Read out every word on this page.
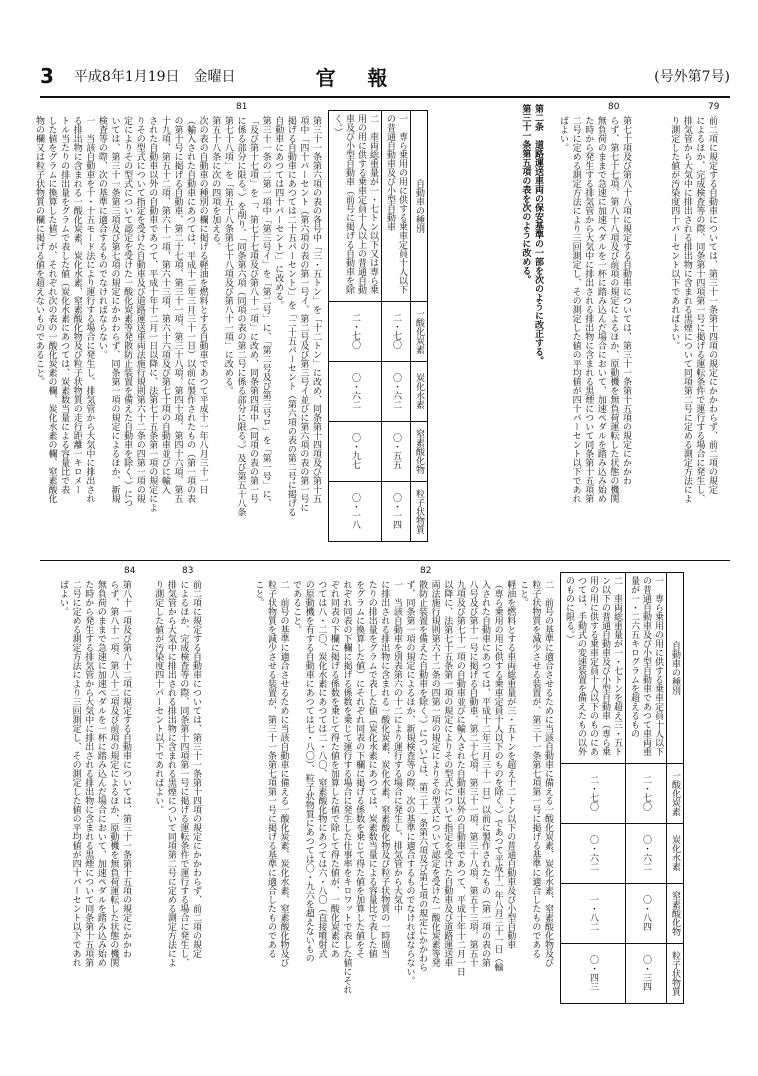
3 平成8年1月19日　金曜日	官報	(号外第7号)
79
80
81

前二項に規定する自動車については、第三十一条第十四項の規定にかかわらず、前二項の規定

によるほか、完成検査等の際、同条第十四項第一号に掲げる運転条件で運行する場合に発生し、

排気管から大気中に排出される排出物に含まれる黒煙について同項第二号に定める測定方法によ

り測定した値が汚染度四十パーセント以下であればよい。

第七十項及び第八十八項に規定する自動車については、第三十一条第十五項の規定にかかわ

らず、第七十七項、第八十八項及び前項の規定によるほか、原動機を無負荷運転した状態の機関

無負荷のままで急速に加速ペダルを一杯に踏み込んだ場合において、加速ペダルを踏み込み始め

た時から発生する排気管から大気中に排出される排出物に含まれる黒煙について同条第十五項第

二号に定める測定方法により三回測定し、その測定した値の平均値が四十パーセント以下であれ

ばよい。

第二条　道路運送車両の保安基準の一部を次のように改正する。

第三十一条第五項の表を次のように改める。

自動車の種別
一酸化炭素
炭化水素
窒素酸化物
粒子状物質
一　専ら乗用の用に供する乗車定員十人以下の普通自動車及び小型自動車
二・七〇
〇・六二
〇・五五
〇・一四
二　車両総重量が一・七トン以下又は専ら乗用の用に供する乗車定員十人以上の普通自動車及び小型自動車（前号に掲げる自動車を除く。）
二・七〇
〇・六二
〇・九七
〇・一八

第三十一条第六項の表の各号中「三・五トン」を「十二トン」に改め、同条第十四項及び第十五

項中「四十パーセント（第六項の表の第一号イ、第二号及び第三号イ並びに第六項の表の第一号に

掲げる自動車にあつては二十五パーセント）」を「二十五パーセント（第六項の表の第二号に掲げる

自動車にあつては四十パーセント）」に改める。

第三十一条の二第一項中「第三号イ」を「第二号」に、「第二号及び第三号ロ」を「第一号」に、

「及び第十七項」を「、第七十七項及び第八十一項」に改め、同条第四項中（同項の表の第一号

に係る部分に限る。）を削り、「同条第六項（同項の表の第二号に係る部分に限る。）及び第五十八条

第七十八項」を「第五十八条第七十八項及び第八十一項」に改める。

第五十八条に次の四項を加える。

次の表の自動車の種別の欄に掲げる軽油を燃料とする自動車であつて平成十一年八月三十一日

（輸入された自動車にあつては、平成十二年三月三十一日）以前に製作されたもの（第一項の表

の第十号に掲げる自動車、第二十七項、第三十一項、第三十八項、第四十項、第四十六項、第五

十九項、第五十二項、第六十一項、第六十三項、第六十六項及び第七十項の自動車並びに輸入

された自動車以外の自動車であつて、平成十年十二月一日以降に、法第七十五条第一項の規定によ

りその型式について指定を受けた自動車及び道路運送車両法施行規則第六十二条の四第一項の規

定によりその型式について認定を受けた一酸化炭素等発散防止装置を備えた自動車を除く。）につ

いては、第三十一条第三項及び第七項の規定にかかわらず、同条第一項の規定によるほか、新規

検査等の際、次の基準に適合するものでなければならない。

一　当該自動車を十・十五モード法により運行する場合に発生し、排気管から大気中に排出され

る排出物に含まれる一酸化炭素、炭化水素、窒素酸化物及び粒子状物質の走行距離一キロメー

トル当たりの排出量をグラムで表した値（炭化水素にあつては、炭素数当量による容量比で表

した値をグラムに換算した値）が、それぞれ次の表の一酸化炭素の欄、炭化水素の欄、窒素酸化

物の欄又は粒子状物質の欄に掲げる値を超えないものであること。

82
83
84
自動車の種別
一酸化炭素
炭化水素
窒素酸化物
粒子状物質
一　専ら乗用の用に供する乗車定員十人以下の普通自動車及び小型自動車であつて車両重量が一・二六五キログラムを超えるもの
二・七〇
〇・六二
〇・八四
〇・三四
二　車両総重量が一・七トンを超え三・五トン以下の普通自動車及び小型自動車（専ら乗用の用に供する乗車定員十人以下のものにあつては、手動式の変速装置を備えたもの以外のものに限る。）
二・七〇
〇・六二
一・八二
〇・四三

二　前号の基準に適合させるために当該自動車に備える一酸化炭素、炭化水素、窒素酸化物及び

粒子状物質を減少させる装置が、第三十一条第七項第一号に掲げる基準に適合したものである

こと。

軽油を燃料とする車両総重量が三・五トンを超え十二トン以下の普通自動車及び小型自動車

（専ら乗用の用に供する乗車定員十人以下のものを除く。）であつて平成十一年八月三十一日（輸

入された自動車にあつては、平成十二年三月三十一日）以前に製作されたもの（第一項の表の第

八号及び第十一号に掲げる自動車、第二十七項、第三十一項、第三十八項、第五十三項、第五十

九項及び第七十一項の自動車並びに輸入された自動車以外の自動車であつて、平成十年十二月一日

以降に、法第七十五条第一項の規定によりその型式について指定を受けた自動車及び道路運送車

両法施行規則第六十二条の四第一項の規定によりその型式について認定を受けた一酸化炭素等発

散防止装置を備えた自動車を除く。）については、第三十一条第六項及び第七項の規定にかかわら

ず、同条第一項の規定によるほか、新規検査等の際、次の基準に適合するものでなければならない。

一　当該自動車を別表第六の十二により運行する場合に発生し、排気管から大気中

に排出される排出物に含まれる一酸化炭素、炭化水素、窒素酸化物及び粒子状物質の一時間当

たりの排出量をグラムで表した値（炭化水素にあつては、炭素数当量による容量比で表した値

をグラムに換算した値）にそれぞれ同表の下欄に掲げる係数を乗じて得た値を加算した値をそ

れぞれ同表の下欄に掲げる係数を乗じて運行する場合に発生した仕事率をキロワットで表した値にそれ

ぞれ同表の下欄に掲げる係数を乗じて得た値を加算した値で除して得た値が、一酸化炭素にあ

つては八・二〇、炭化水素にあつては二・八〇、窒素酸化物にあつては六・八〇（直接噴射式

の原動機を有する自動車にあつては七・八〇）、粒子状物質にあつては〇・九六を超えないもの

であること。

二　前号の基準に適合させるために当該自動車に備える一酸化炭素、炭化水素、窒素酸化物及び

粒子状物質を減少させる装置が、第三十一条第七項第一号に掲げる基準に適合したものである

こと。

前二項に規定する自動車については、第三十一条第十四項の規定にかかわらず、前二項の規定

によるほか、完成検査等の際、同条第十四項第一号に掲げる運転条件で運行する場合に発生し、

排気管から大気中に排出される排出物に含まれる黒煙について同項第二号に定める測定方法によ

り測定した値が汚染度四十パーセント以下であればよい。

第八十一項及び第八十二項に規定する自動車については、第三十一条第十五項の規定にかかわ

らず、第八十一項、第八十二項及び前項の規定によるほか、原動機を無負荷運転した状態の機関

無負荷のままで急速に加速ペダルを一杯に踏み込んだ場合において、加速ペダルを踏み込み始め

た時から発生する排気管から大気中に排出される排出物に含まれる黒煙について同条第十五項第

二号に定める測定方法により三回測定し、その測定した値の平均値が四十パーセント以下であれ

ばよい。
